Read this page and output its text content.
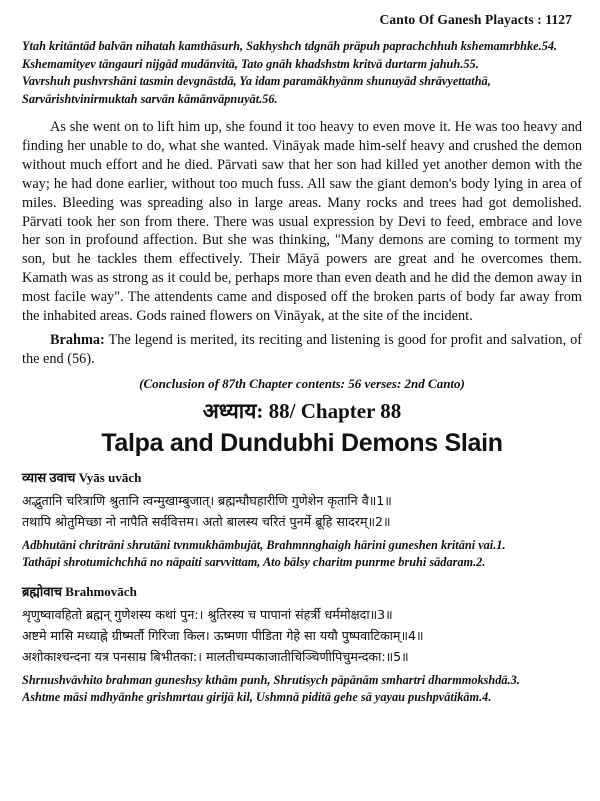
Canto Of Ganesh Playacts : 1127
Ytah kritāntād balvān nihatah kamthāsurh, Sakhyshch tdgnāh prāpuh paprachchhuh kshemamrbhke.54.
Kshemamityev tāngauri nijgād mudānvitā, Tato gnāh khadshstm kritvā durtarm jahuh.55.
Vavrshuh pushvrshāni tasmin devgnāstdā, Ya idam paramākhyānm shunuyād shrāvyettathā,
Sarvārishtvinirmuktah sarvān kāmānvāpnuyāt.56.
As she went on to lift him up, she found it too heavy to even move it. He was too heavy and finding her unable to do, what she wanted. Vināyak made him-self heavy and crushed the demon without much effort and he died. Pārvati saw that her son had killed yet another demon with the way; he had done earlier, without too much fuss. All saw the giant demon's body lying in area of miles. Bleeding was spreading also in large areas. Many rocks and trees had got demolished. Pārvati took her son from there. There was usual expression by Devi to feed, embrace and love her son in profound affection. But she was thinking, "Many demons are coming to torment my son, but he tackles them effectively. Their Māyā powers are great and he overcomes them. Kamath was as strong as it could be, perhaps more than even death and he did the demon away in most facile way". The attendents came and disposed off the broken parts of body far away from the inhabited areas. Gods rained flowers on Vināyak, at the site of the incident.
Brahma: The legend is merited, its reciting and listening is good for profit and salvation, of the end (56).
(Conclusion of 87th Chapter contents: 56 verses: 2nd Canto)
अध्याय: 88/ Chapter 88
Talpa and Dundubhi Demons Slain
व्यास उवाच Vyās uvāch
अद्भुतानि चरित्राणि श्रुतानि त्वन्मुखाम्बुजात्। ब्रह्मन्घौघहारीणि गुणेशेन कृतानि वै॥1॥
तथापि श्रोतुमिच्छा नो नापैति सर्ववित्तम। अतो बालस्य चरितं पुनर्मे ब्रूहि सादरम्॥2॥
Adbhutāni chritrāni shrutāni tvnmukhāmbujāt, Brahmnnghaigh hārini guneshen kritāni vai.1.
Tathāpi shrotumichchhā no nāpaiti sarvvittam, Ato bālsy charitm punrme bruhi sādaram.2.
ब्रह्मोवाच Brahmovāch
शृणुष्वावहितो ब्रह्मन् गुणेशस्य कथां पुन:। श्रुतिरस्य च पापानां संहर्त्री धर्ममोक्षदा॥3॥
अष्टमे मासि मध्याह्ने ग्रीष्मर्तौ गिरिजा किल। ऊष्मणा पीडिता गेहे सा ययौ पुष्पवाटिकाम्॥4॥
अशोकाश्चन्दना यत्र पनसाम्र बिभीतका:। मालतीचम्पकाजातीचिञ्चिणीपिचुमन्दका:॥5॥
Shrnushvāvhito brahman guneshsy kthām punh, Shrutisych pāpānām smhartri dharmmokshdā.3.
Ashtme māsi mdhyānhe grishmrtau girijā kil, Ushmnā piditā gehe sā yayau pushpvātikām.4.
